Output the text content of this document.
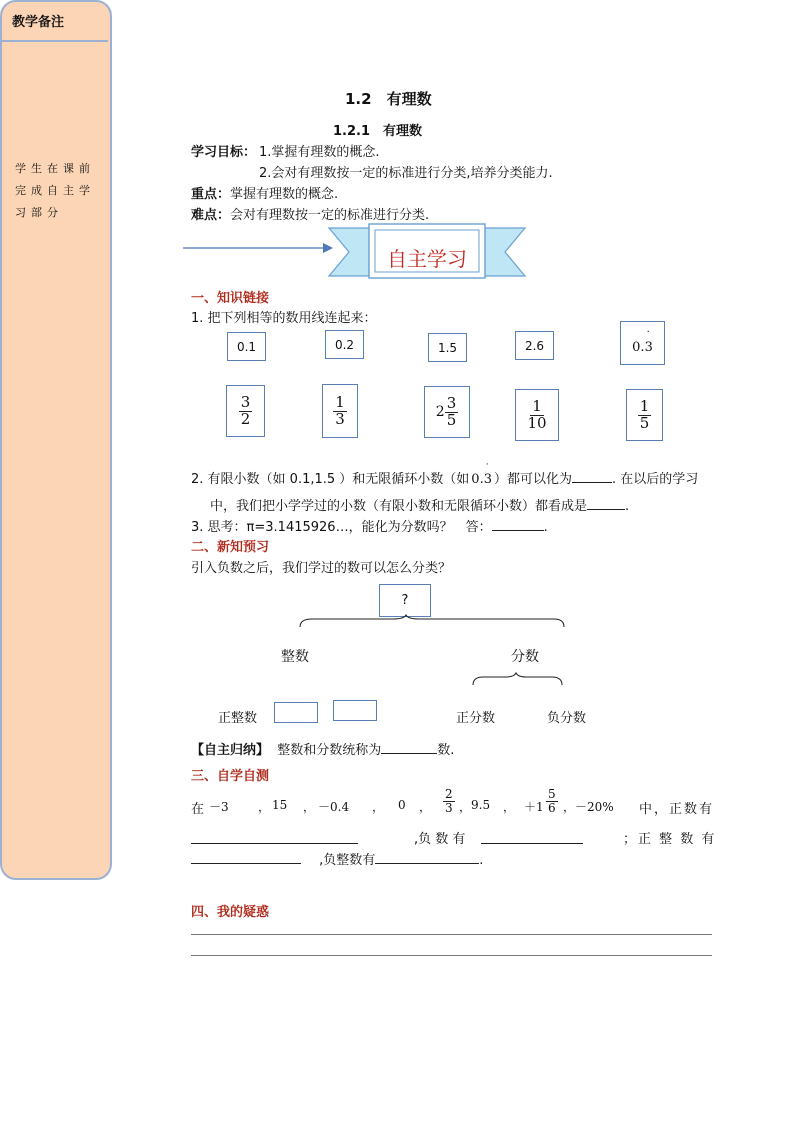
教学备注
学生在课前完成自主学习部分
1.2　有理数
1.2.1　有理数
学习目标： 1.掌握有理数的概念.
2.会对有理数按一定的标准进行分类,培养分类能力.
重点：掌握有理数的概念.
难点：会对有理数按一定的标准进行分类.
自主学习
一、知识链接
1. 把下列相等的数用线连起来：
0.1	0.2	1.5	2.6	0.
·
3
$\frac{3}{2}$	$\frac{1}{3}$	$2 \frac{3}{5}$	$\frac{1}{10}$	$\frac{1}{5}$
2. 有限小数（如 0.1,1.5 ）和无限循环小数（如 0.
·
3 ）都可以化为	. 在以后的学习
中，我们把小学学过的小数（有限小数和无限循环小数）都看成是	.
3. 思考：π=3.1415926…，能化为分数吗？　答：	.
二、新知预习
引入负数之后，我们学过的数可以怎么分类？
?
整数	分数
正整数	正分数	负分数
【自主归纳】 整数和分数统称为	数.
三、自学自测
在 －3 ， 15 ， －0.4 ， 0 ， $\frac{2}{3}$ ， 9.5 ， $+1 \frac{5}{6}$ ， －20% 中，正数有
,负 数 有	；正 整 数 有
,负整数有	.
四、我的疑惑
